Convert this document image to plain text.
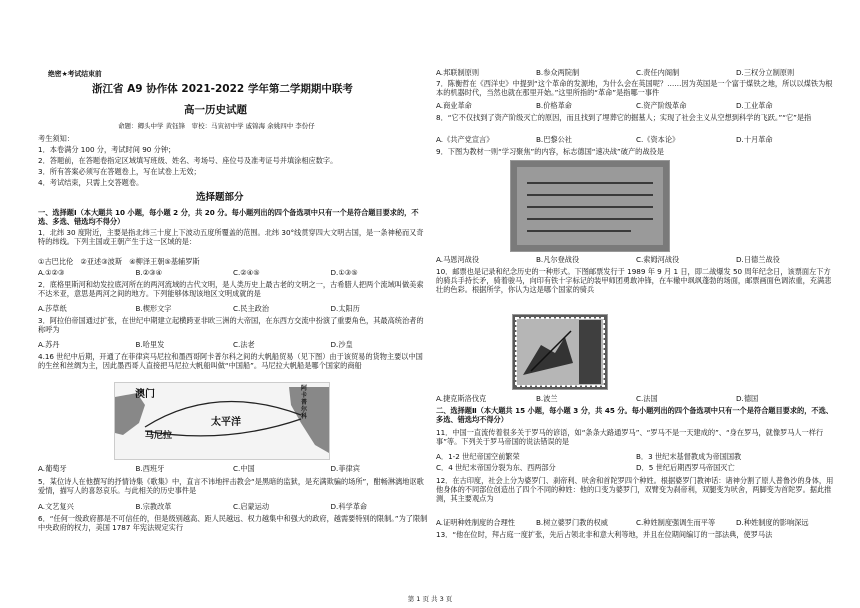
绝密★考试结束前
浙江省 A9 协作体 2021-2022 学年第二学期期中联考
高一历史试题
命题：卿头中学 黄钰锋　审校：马寅初中学 戚锦海 余姚四中 李份仔
考生须知：
1．本卷满分 100 分，考试时间 90 分钟；
2．答题前，在答题卷指定区域填写班级、姓名、考场号、座位号及准考证号并填涂相应数字。
3．所有答案必须写在答题卷上，写在试卷上无效；
4．考试结束，只需上交答题卷。
选择题部分
一、选择题Ⅰ（本大题共 10 小题，每小题 2 分，共 20 分。每小题列出的四个备选项中只有一个是符合题目要求的，不选、多选、错选均不得分）
1．北纬 30 度附近，主要是指北纬三十度上下波动五度所覆盖的范围。北纬 30°线贯穿四大文明古国，是一条神秘而又奇特的纬线。下列主国或王朝产生于这一区域的是：
①古巴比伦　②亚述③波斯　④柳泽王朝⑤基辅罗斯
A.①②③	B.②③④	C.②④⑤	D.①③⑤
2．底格里斯河和幼发拉底河所在的两河流域的古代文明，是人类历史上最古老的文明之一，古希腊人把两个流域叫做美索不达米亚，意思是两河之间的地方。下列能够体现该地区文明成就的是
A.莎草纸	B.楔形文字	C.民主政治	D.太阳历
3．阿拉伯帝国通过扩张，在世纪中期建立起横跨亚非欧三洲的大帝国，在东西方交流中扮演了重要角色，其最高统治者的称呼为
A.苏丹	B.哈里发	C.法老	D.沙皇
4.16 世纪中后期，开通了在菲律宾马尼拉和墨西哥阿卡普尔科之间的大帆船贸易（见下图）由于该贸易的货物主要以中国的生丝和丝绸为主，因此墨西哥人直接把马尼拉大帆船叫做“中国船”。马尼拉大帆船是哪个国家的商船
澳门
马尼拉
太平洋
阿卡普尔科
A.葡萄牙	B.西班牙	C.中国	D.菲律宾
5．某位诗人在他撰写的抒情诗集《歌集》中，直言不讳地抨击教会“是黑暗的监狱，是充满欺骗的场所”，酣畅淋漓地讴歌爱情，描写人的喜怒哀乐。与此相关的历史事件是
A.文艺复兴	B.宗教改革	C.启蒙运动	D.科学革命
6．“任何一级政府都是不可信任的，但是级别越高、距人民越远、权力越集中和强大的政府，越需要特别的限制。”为了限制中央政府的权力，美国 1787 年宪法规定实行
A.邦联制原则	B.参众两院制	C.责任内阁制	D.三权分立制原则
7．陈衡哲在《西洋史》中提到“这个革命的发源地，为什么会在英国呢？……因为英国是一个富于煤铁之地，所以以煤铁为根本的机器时代，当然也就在那里开始。”这里所指的“革命”是指哪一事件
A.商业革命	B.价格革命	C.资产阶级革命	D.工业革命
8．“它不仅找到了资产阶级灭亡的原因，而且找到了埋葬它的掘墓人；实现了社会主义从空想到科学的飞跃。”“它”是指
A.《共产党宣言》	B.巴黎公社	C.《资本论》	D.十月革命
9．下图为教材一则“学习聚焦”的内容，标志德国“速决战”破产的战役是
A.马恩河战役	B.凡尔登战役	C.索姆河战役	D.日德兰战役
10．邮票也是记录和纪念历史的一种形式。下图邮票发行于 1989 年 9 月 1 日，即二战爆发 50 周年纪念日，该票面左下方的骑兵手持长矛，骑着骏马，向印有铁十字标记的装甲师团勇敢冲锋，在车辙中飒飒蓬勃的场面，邮票画面色调浓重，充满悲壮的色彩。根据所学，你认为这是哪个国家的骑兵
A.捷克斯洛伐克	B.波兰	C.法国	D.德国
二、选择题Ⅱ（本大题共 15 小题，每小题 3 分，共 45 分。每小题列出的四个备选项中只有一个是符合题目要求的，不选、多选、错选均不得分）
11．中国一直流传着很多关于罗马的谚语，如“条条大路通罗马”、“罗马不是一天建成的”、“身在罗马，就像罗马人一样行事”等。下列关于罗马帝国的说法错误的是
A．1-2 世纪帝国空前繁荣	B．3 世纪末基督教成为帝国国教
C．4 世纪末帝国分裂为东、西两部分	D．5 世纪后期西罗马帝国灭亡
12．在古印度，社会上分为婆罗门、刹帝利、吠舍和首陀罗四个种姓。根据婆罗门教神话：诸神分割了原人普鲁沙的身体，用他身体的不同部位创造出了四个不同的种姓：他的口变为婆罗门，双臂变为刹帝利，双腿变为吠舍，两脚变为首陀罗。据此推测，其主要观点为
A.证明种姓制度的合理性	B.树立婆罗门教的权威	C.种姓制度强调生而平等	D.种姓制度的影响深远
13．“他在位时，拜占庭一度扩张，先后占领北非和意大利等地，并且在位期间编订的一部法典，使罗马法
第 1 页 共 3 页
